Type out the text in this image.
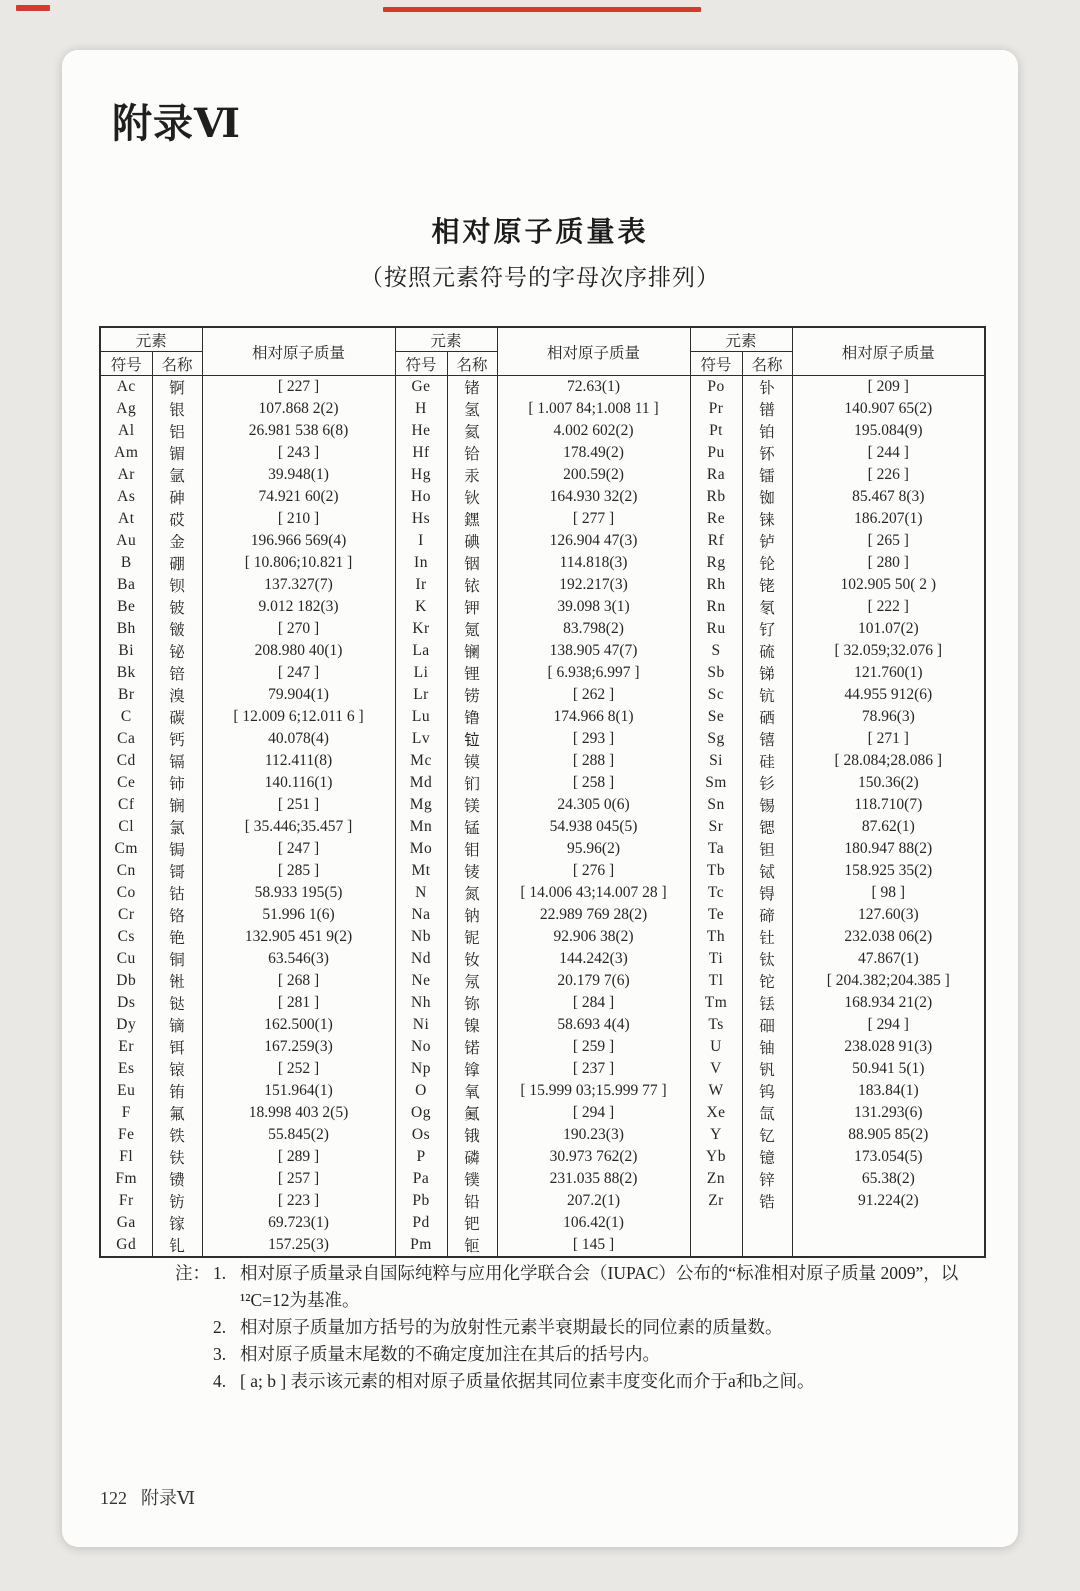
附录Ⅵ
相对原子质量表
（按照元素符号的字母次序排列）
元素		相对原子质量	元素		相对原子质量	元素		相对原子质量
符号	名称		符号	名称		符号	名称	
Ac	锕	[ 227 ]	Ge	锗	72.63(1)	Po	钋	[ 209 ]
Ag	银	107.868 2(2)	H	氢	[ 1.007 84;1.008 11 ]	Pr	镨	140.907 65(2)
Al	铝	26.981 538 6(8)	He	氦	4.002 602(2)	Pt	铂	195.084(9)
Am	镅	[ 243 ]	Hf	铪	178.49(2)	Pu	钚	[ 244 ]
Ar	氩	39.948(1)	Hg	汞	200.59(2)	Ra	镭	[ 226 ]
As	砷	74.921 60(2)	Ho	钬	164.930 32(2)	Rb	铷	85.467 8(3)
At	砹	[ 210 ]	Hs	𨭆	[ 277 ]	Re	铼	186.207(1)
Au	金	196.966 569(4)	I	碘	126.904 47(3)	Rf	𬬻	[ 265 ]
B	硼	[ 10.806;10.821 ]	In	铟	114.818(3)	Rg	𬬭	[ 280 ]
Ba	钡	137.327(7)	Ir	铱	192.217(3)	Rh	铑	102.905 50( 2 )
Be	铍	9.012 182(3)	K	钾	39.098 3(1)	Rn	氡	[ 222 ]
Bh	𬭛	[ 270 ]	Kr	氪	83.798(2)	Ru	钌	101.07(2)
Bi	铋	208.980 40(1)	La	镧	138.905 47(7)	S	硫	[ 32.059;32.076 ]
Bk	锫	[ 247 ]	Li	锂	[ 6.938;6.997 ]	Sb	锑	121.760(1)
Br	溴	79.904(1)	Lr	铹	[ 262 ]	Sc	钪	44.955 912(6)
C	碳	[ 12.009 6;12.011 6 ]	Lu	镥	174.966 8(1)	Se	硒	78.96(3)
Ca	钙	40.078(4)	Lv	𫟷	[ 293 ]	Sg	𬭳	[ 271 ]
Cd	镉	112.411(8)	Mc	镆	[ 288 ]	Si	硅	[ 28.084;28.086 ]
Ce	铈	140.116(1)	Md	钔	[ 258 ]	Sm	钐	150.36(2)
Cf	锎	[ 251 ]	Mg	镁	24.305 0(6)	Sn	锡	118.710(7)
Cl	氯	[ 35.446;35.457 ]	Mn	锰	54.938 045(5)	Sr	锶	87.62(1)
Cm	锔	[ 247 ]	Mo	钼	95.96(2)	Ta	钽	180.947 88(2)
Cn	鿔	[ 285 ]	Mt	鿏	[ 276 ]	Tb	铽	158.925 35(2)
Co	钴	58.933 195(5)	N	氮	[ 14.006 43;14.007 28 ]	Tc	锝	[ 98 ]
Cr	铬	51.996 1(6)	Na	钠	22.989 769 28(2)	Te	碲	127.60(3)
Cs	铯	132.905 451 9(2)	Nb	铌	92.906 38(2)	Th	钍	232.038 06(2)
Cu	铜	63.546(3)	Nd	钕	144.242(3)	Ti	钛	47.867(1)
Db	𬭊	[ 268 ]	Ne	氖	20.179 7(6)	Tl	铊	[ 204.382;204.385 ]
Ds	𫟼	[ 281 ]	Nh	鿭	[ 284 ]	Tm	铥	168.934 21(2)
Dy	镝	162.500(1)	Ni	镍	58.693 4(4)	Ts	鿬	[ 294 ]
Er	铒	167.259(3)	No	锘	[ 259 ]	U	铀	238.028 91(3)
Es	锿	[ 252 ]	Np	镎	[ 237 ]	V	钒	50.941 5(1)
Eu	铕	151.964(1)	O	氧	[ 15.999 03;15.999 77 ]	W	钨	183.84(1)
F	氟	18.998 403 2(5)	Og	鿫	[ 294 ]	Xe	氙	131.293(6)
Fe	铁	55.845(2)	Os	锇	190.23(3)	Y	钇	88.905 85(2)
Fl	𫓧	[ 289 ]	P	磷	30.973 762(2)	Yb	镱	173.054(5)
Fm	镄	[ 257 ]	Pa	镤	231.035 88(2)	Zn	锌	65.38(2)
Fr	钫	[ 223 ]	Pb	铅	207.2(1)	Zr	锆	91.224(2)
Ga	镓	69.723(1)	Pd	钯	106.42(1)			
Gd	钆	157.25(3)	Pm	钷	[ 145 ]			
注： 1. 相对原子质量录自国际纯粹与应用化学联合会（IUPAC）公布的“标准相对原子质量 2009”，以¹²C=12为基准。
2. 相对原子质量加方括号的为放射性元素半衰期最长的同位素的质量数。
3. 相对原子质量末尾数的不确定度加注在其后的括号内。
4. [ a; b ] 表示该元素的相对原子质量依据其同位素丰度变化而介于a和b之间。
122 附录Ⅵ
